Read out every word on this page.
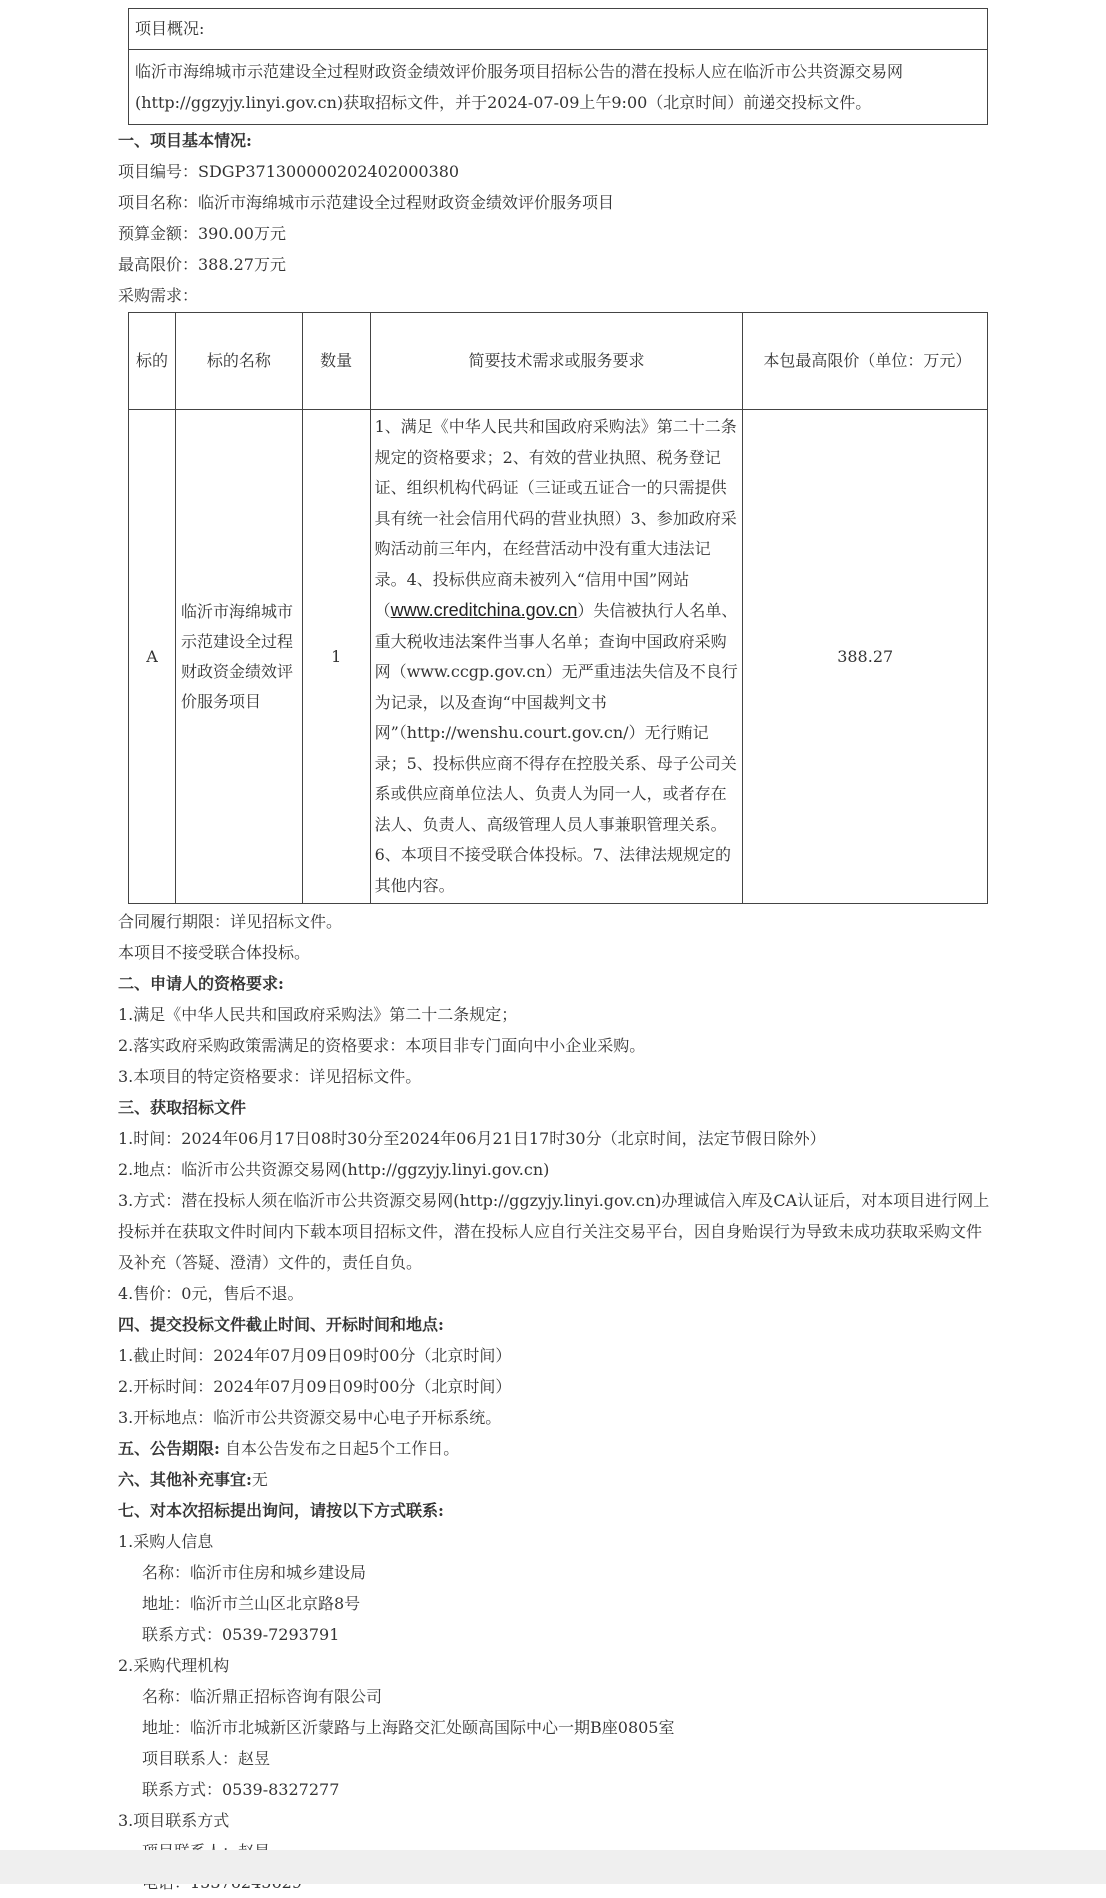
项目概况:
临沂市海绵城市示范建设全过程财政资金绩效评价服务项目招标公告的潜在投标人应在临沂市公共资源交易网(http://ggzyjy.linyi.gov.cn)获取招标文件，并于2024-07-09上午9:00（北京时间）前递交投标文件。
一、项目基本情况:
项目编号：SDGP371300000202402000380
项目名称：临沂市海绵城市示范建设全过程财政资金绩效评价服务项目
预算金额：390.00万元
最高限价：388.27万元
采购需求：
标的	标的名称	数量	简要技术需求或服务要求	本包最高限价（单位：万元）
A	临沂市海绵城市示范建设全过程财政资金绩效评价服务项目	1	1、满足《中华人民共和国政府采购法》第二十二条规定的资格要求；2、有效的营业执照、税务登记证、组织机构代码证（三证或五证合一的只需提供具有统一社会信用代码的营业执照）3、参加政府采购活动前三年内，在经营活动中没有重大违法记录。4、投标供应商未被列入“信用中国”网站（www.creditchina.gov.cn）失信被执行人名单、重大税收违法案件当事人名单；查询中国政府采购网（www.ccgp.gov.cn）无严重违法失信及不良行为记录，以及查询“中国裁判文书网”（http://wenshu.court.gov.cn/）无行贿记录；5、投标供应商不得存在控股关系、母子公司关系或供应商单位法人、负责人为同一人，或者存在法人、负责人、高级管理人员人事兼职管理关系。6、本项目不接受联合体投标。7、法律法规规定的其他内容。	388.27
合同履行期限：详见招标文件。
本项目不接受联合体投标。
二、申请人的资格要求:
1.满足《中华人民共和国政府采购法》第二十二条规定；
2.落实政府采购政策需满足的资格要求：本项目非专门面向中小企业采购。
3.本项目的特定资格要求：详见招标文件。
三、获取招标文件
1.时间：2024年06月17日08时30分至2024年06月21日17时30分（北京时间，法定节假日除外）
2.地点：临沂市公共资源交易网(http://ggzyjy.linyi.gov.cn)
3.方式：潜在投标人须在临沂市公共资源交易网(http://ggzyjy.linyi.gov.cn)办理诚信入库及CA认证后，对本项目进行网上投标并在获取文件时间内下载本项目招标文件，潜在投标人应自行关注交易平台，因自身贻误行为导致未成功获取采购文件及补充（答疑、澄清）文件的，责任自负。
4.售价：0元，售后不退。
四、提交投标文件截止时间、开标时间和地点:
1.截止时间：2024年07月09日09时00分（北京时间）
2.开标时间：2024年07月09日09时00分（北京时间）
3.开标地点：临沂市公共资源交易中心电子开标系统。
五、公告期限: 自本公告发布之日起5个工作日。
六、其他补充事宜:无
七、对本次招标提出询问，请按以下方式联系:
1.采购人信息
名称：临沂市住房和城乡建设局
地址：临沂市兰山区北京路8号
联系方式：0539-7293791
2.采购代理机构
名称：临沂鼎正招标咨询有限公司
地址：临沂市北城新区沂蒙路与上海路交汇处颐高国际中心一期B座0805室
项目联系人：赵昱
联系方式：0539-8327277
3.项目联系方式
